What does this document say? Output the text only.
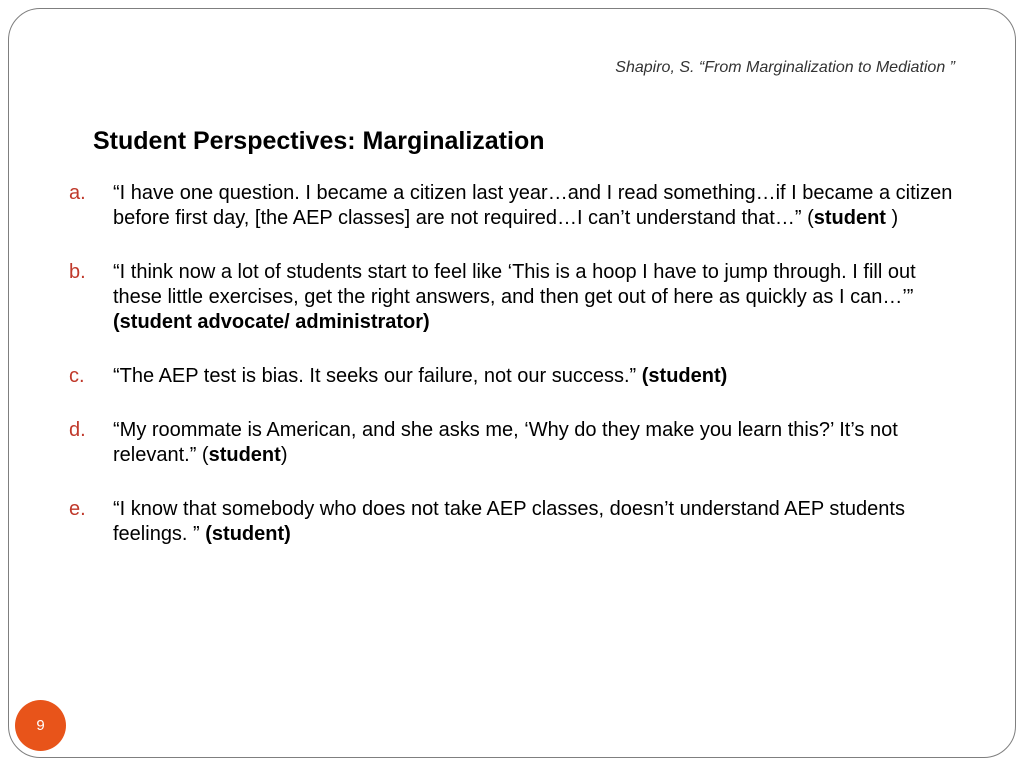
Shapiro, S. “From Marginalization to Mediation ”
Student Perspectives: Marginalization
a.	“I have one question. I became a citizen last year…and I read something…if I became a citizen before first day, [the AEP classes] are not required…I can’t understand that…” (student )
b.	“I think now a lot of students start to feel like ‘This is a hoop I have to jump through. I fill out these little exercises, get the right answers, and then get out of here as quickly as I can…’” (student advocate/ administrator)
c.	“The AEP test is bias. It seeks our failure, not our success.” (student)
d.	“My roommate is American, and she asks me, ‘Why do they make you learn this?’ It’s not relevant.” (student)
e.	“I know that somebody who does not take AEP classes, doesn’t understand AEP students feelings. ” (student)
9
